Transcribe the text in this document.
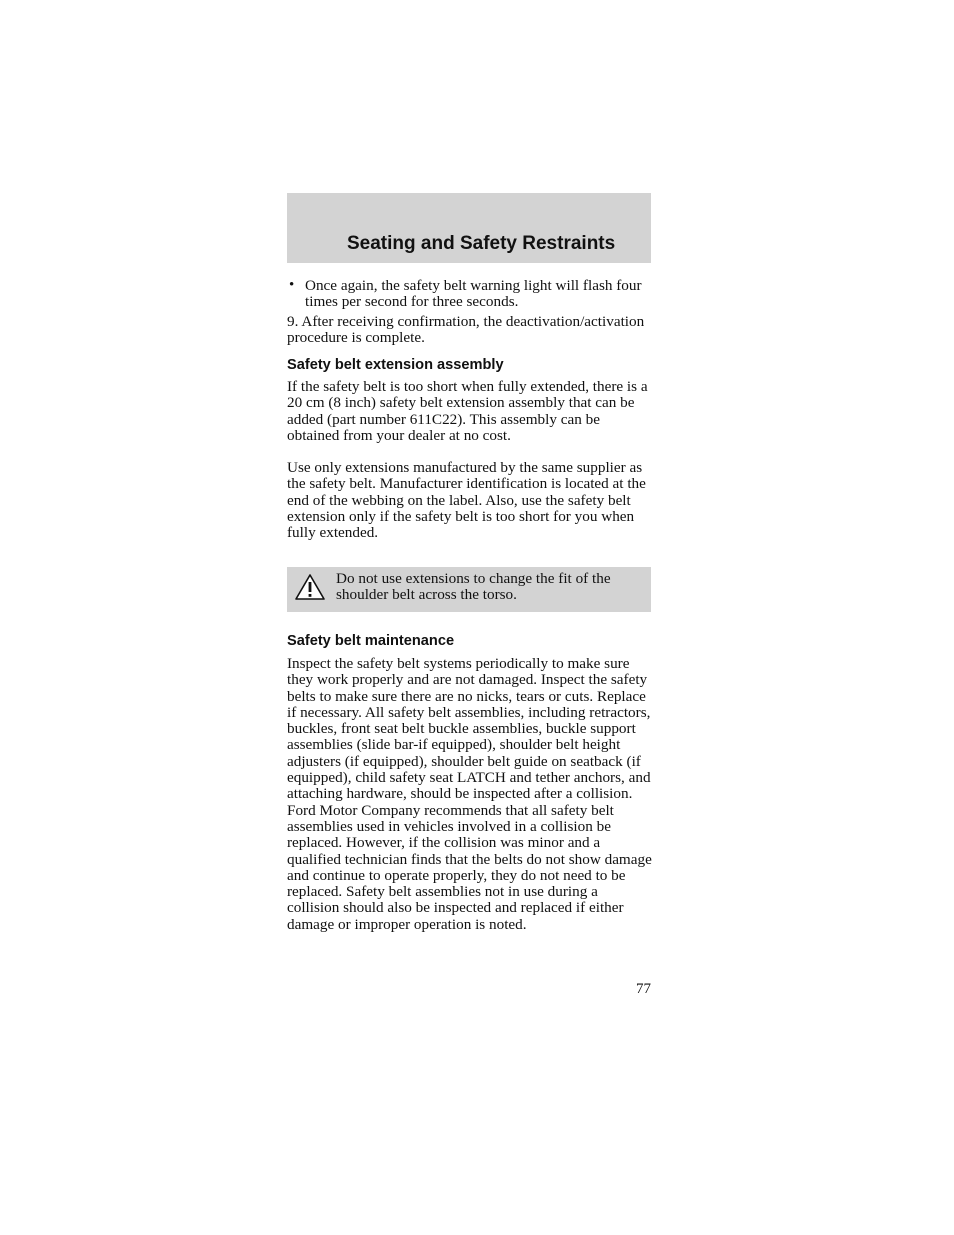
Seating and Safety Restraints
• Once again, the safety belt warning light will flash four times per second for three seconds.

9. After receiving confirmation, the deactivation/activation procedure is complete.

Safety belt extension assembly

If the safety belt is too short when fully extended, there is a 20 cm (8 inch) safety belt extension assembly that can be added (part number 611C22). This assembly can be obtained from your dealer at no cost.

Use only extensions manufactured by the same supplier as the safety belt. Manufacturer identification is located at the end of the webbing on the label. Also, use the safety belt extension only if the safety belt is too short for you when fully extended.

Do not use extensions to change the fit of the shoulder belt across the torso.

Safety belt maintenance

Inspect the safety belt systems periodically to make sure they work properly and are not damaged. Inspect the safety belts to make sure there are no nicks, tears or cuts. Replace if necessary. All safety belt assemblies, including retractors, buckles, front seat belt buckle assemblies, buckle support assemblies (slide bar-if equipped), shoulder belt height adjusters (if equipped), shoulder belt guide on seatback (if equipped), child safety seat LATCH and tether anchors, and attaching hardware, should be inspected after a collision. Ford Motor Company recommends that all safety belt assemblies used in vehicles involved in a collision be replaced. However, if the collision was minor and a qualified technician finds that the belts do not show damage and continue to operate properly, they do not need to be replaced. Safety belt assemblies not in use during a collision should also be inspected and replaced if either damage or improper operation is noted.

77
